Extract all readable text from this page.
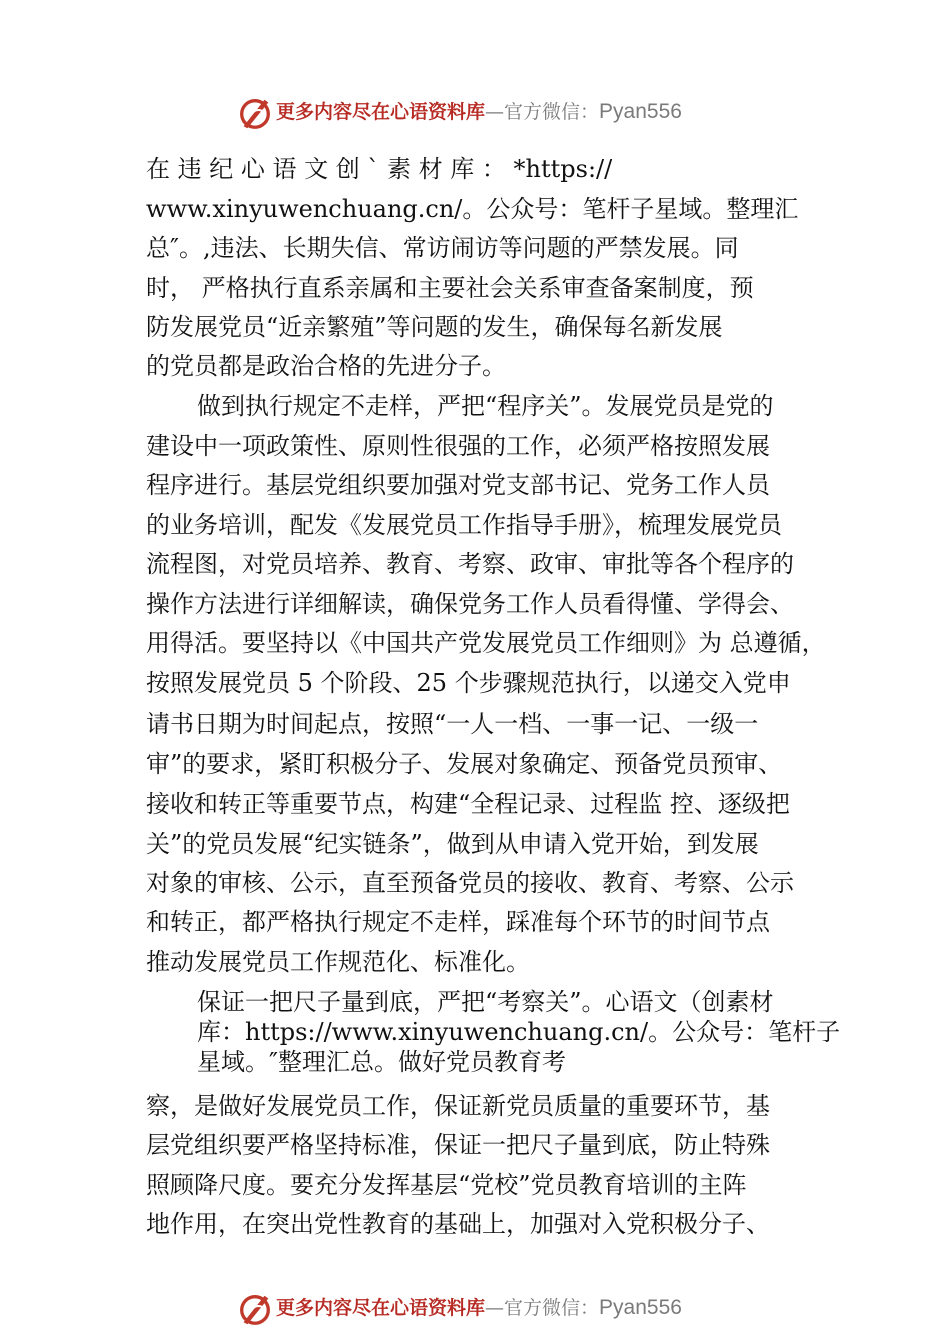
更多内容尽在心语资料库—官方微信：Pyan556
在 违 纪 心 语 文 创 ` 素 材 库 ： *https://
www.xinyuwenchuang.cn/。公众号：笔杆子星域。整理汇
总″。,违法、长期失信、常访闹访等问题的严禁发展。同
时， 严格执行直系亲属和主要社会关系审查备案制度，预
防发展党员“近亲繁殖”等问题的发生，确保每名新发展
的党员都是政治合格的先进分子。
做到执行规定不走样，严把“程序关”。发展党员是党的
建设中一项政策性、原则性很强的工作，必须严格按照发展
程序进行。基层党组织要加强对党支部书记、党务工作人员
的业务培训，配发《发展党员工作指导手册》，梳理发展党员
流程图，对党员培养、教育、考察、政审、审批等各个程序的
操作方法进行详细解读，确保党务工作人员看得懂、学得会、
用得活。要坚持以《中国共产党发展党员工作细则》为 总遵循，
按照发展党员 5 个阶段、25 个步骤规范执行，以递交入党申
请书日期为时间起点，按照“一人一档、一事一记、一级一
审”的要求，紧盯积极分子、发展对象确定、预备党员预审、
接收和转正等重要节点，构建“全程记录、过程监 控、逐级把
关”的党员发展“纪实链条”，做到从申请入党开始，到发展
对象的审核、公示，直至预备党员的接收、教育、考察、公示
和转正，都严格执行规定不走样，踩准每个环节的时间节点
推动发展党员工作规范化、标准化。
保证一把尺子量到底，严把“考察关”。心语文（创素材
库：https://www.xinyuwenchuang.cn/。公众号：笔杆子
星域。″整理汇总。做好党员教育考
察，是做好发展党员工作，保证新党员质量的重要环节，基
层党组织要严格坚持标准，保证一把尺子量到底，防止特殊
照顾降尺度。要充分发挥基层“党校”党员教育培训的主阵
地作用，在突出党性教育的基础上，加强对入党积极分子、
更多内容尽在心语资料库—官方微信：Pyan556
